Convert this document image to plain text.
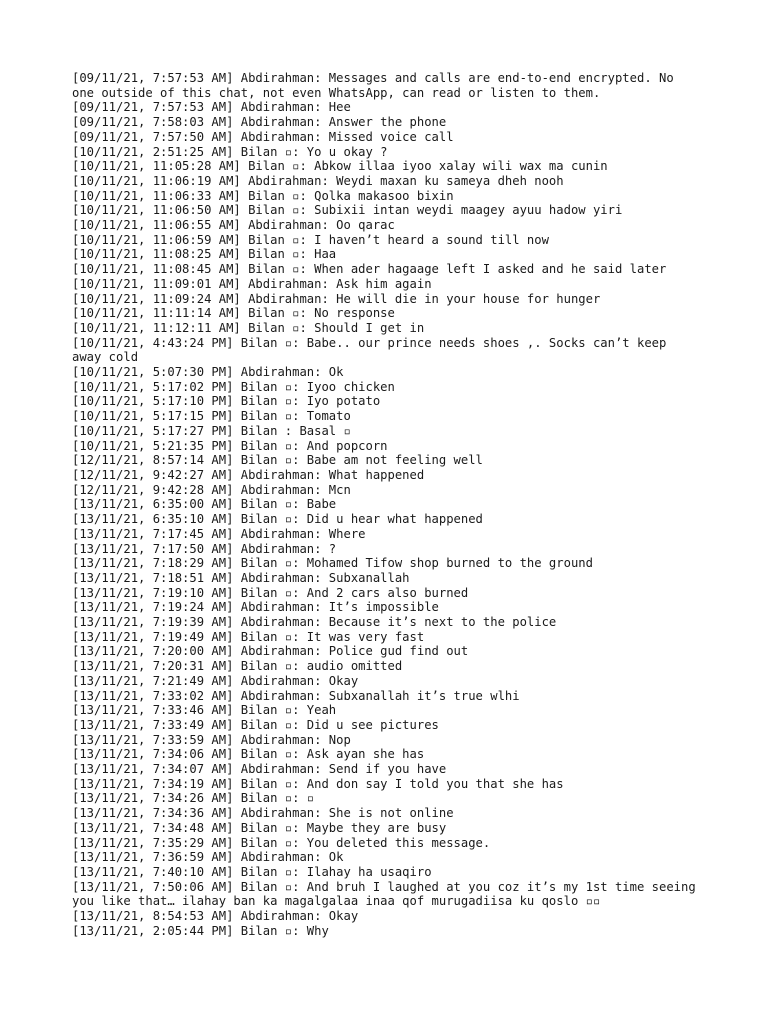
[09/11/21, 7:57:53 AM] Abdirahman: Messages and calls are end-to-end encrypted. No one outside of this chat, not even WhatsApp, can read or listen to them.
[09/11/21, 7:57:53 AM] Abdirahman: Hee
[09/11/21, 7:58:03 AM] Abdirahman: Answer the phone
[09/11/21, 7:57:50 AM] Abdirahman: Missed voice call
[10/11/21, 2:51:25 AM] Bilan ▫: Yo u okay ?
[10/11/21, 11:05:28 AM] Bilan ▫: Abkow illaa iyoo xalay wili wax ma cunin
[10/11/21, 11:06:19 AM] Abdirahman: Weydi maxan ku sameya dheh nooh
[10/11/21, 11:06:33 AM] Bilan ▫: Qolka makasoo bixin
[10/11/21, 11:06:50 AM] Bilan ▫: Subixii intan weydi maagey ayuu hadow yiri
[10/11/21, 11:06:55 AM] Abdirahman: Oo qarac
[10/11/21, 11:06:59 AM] Bilan ▫: I haven’t heard a sound till now
[10/11/21, 11:08:25 AM] Bilan ▫: Haa
[10/11/21, 11:08:45 AM] Bilan ▫: When ader hagaage left I asked and he said later
[10/11/21, 11:09:01 AM] Abdirahman: Ask him again
[10/11/21, 11:09:24 AM] Abdirahman: He will die in your house for hunger
[10/11/21, 11:11:14 AM] Bilan ▫: No response
[10/11/21, 11:12:11 AM] Bilan ▫: Should I get in
[10/11/21, 4:43:24 PM] Bilan ▫: Babe.. our prince needs shoes ,. Socks can’t keep away cold
[10/11/21, 5:07:30 PM] Abdirahman: Ok
[10/11/21, 5:17:02 PM] Bilan ▫: Iyoo chicken
[10/11/21, 5:17:10 PM] Bilan ▫: Iyo potato
[10/11/21, 5:17:15 PM] Bilan ▫: Tomato
[10/11/21, 5:17:27 PM] Bilan : Basal ▫
[10/11/21, 5:21:35 PM] Bilan ▫: And popcorn
[12/11/21, 8:57:14 AM] Bilan ▫: Babe am not feeling well
[12/11/21, 9:42:27 AM] Abdirahman: What happened
[12/11/21, 9:42:28 AM] Abdirahman: Mcn
[13/11/21, 6:35:00 AM] Bilan ▫: Babe
[13/11/21, 6:35:10 AM] Bilan ▫: Did u hear what happened
[13/11/21, 7:17:45 AM] Abdirahman: Where
[13/11/21, 7:17:50 AM] Abdirahman: ?
[13/11/21, 7:18:29 AM] Bilan ▫: Mohamed Tifow shop burned to the ground
[13/11/21, 7:18:51 AM] Abdirahman: Subxanallah
[13/11/21, 7:19:10 AM] Bilan ▫: And 2 cars also burned
[13/11/21, 7:19:24 AM] Abdirahman: It’s impossible
[13/11/21, 7:19:39 AM] Abdirahman: Because it’s next to the police
[13/11/21, 7:19:49 AM] Bilan ▫: It was very fast
[13/11/21, 7:20:00 AM] Abdirahman: Police gud find out
[13/11/21, 7:20:31 AM] Bilan ▫: audio omitted
[13/11/21, 7:21:49 AM] Abdirahman: Okay
[13/11/21, 7:33:02 AM] Abdirahman: Subxanallah it’s true wlhi
[13/11/21, 7:33:46 AM] Bilan ▫: Yeah
[13/11/21, 7:33:49 AM] Bilan ▫: Did u see pictures
[13/11/21, 7:33:59 AM] Abdirahman: Nop
[13/11/21, 7:34:06 AM] Bilan ▫: Ask ayan she has
[13/11/21, 7:34:07 AM] Abdirahman: Send if you have
[13/11/21, 7:34:19 AM] Bilan ▫: And don say I told you that she has
[13/11/21, 7:34:26 AM] Bilan ▫: ▫
[13/11/21, 7:34:36 AM] Abdirahman: She is not online
[13/11/21, 7:34:48 AM] Bilan ▫: Maybe they are busy
[13/11/21, 7:35:29 AM] Bilan ▫: You deleted this message.
[13/11/21, 7:36:59 AM] Abdirahman: Ok
[13/11/21, 7:40:10 AM] Bilan ▫: Ilahay ha usaqiro
[13/11/21, 7:50:06 AM] Bilan ▫: And bruh I laughed at you coz it’s my 1st time seeing you like that… ilahay ban ka magalgalaa inaa qof murugadiisa ku qoslo ▫▫
[13/11/21, 8:54:53 AM] Abdirahman: Okay
[13/11/21, 2:05:44 PM] Bilan ▫: Why
